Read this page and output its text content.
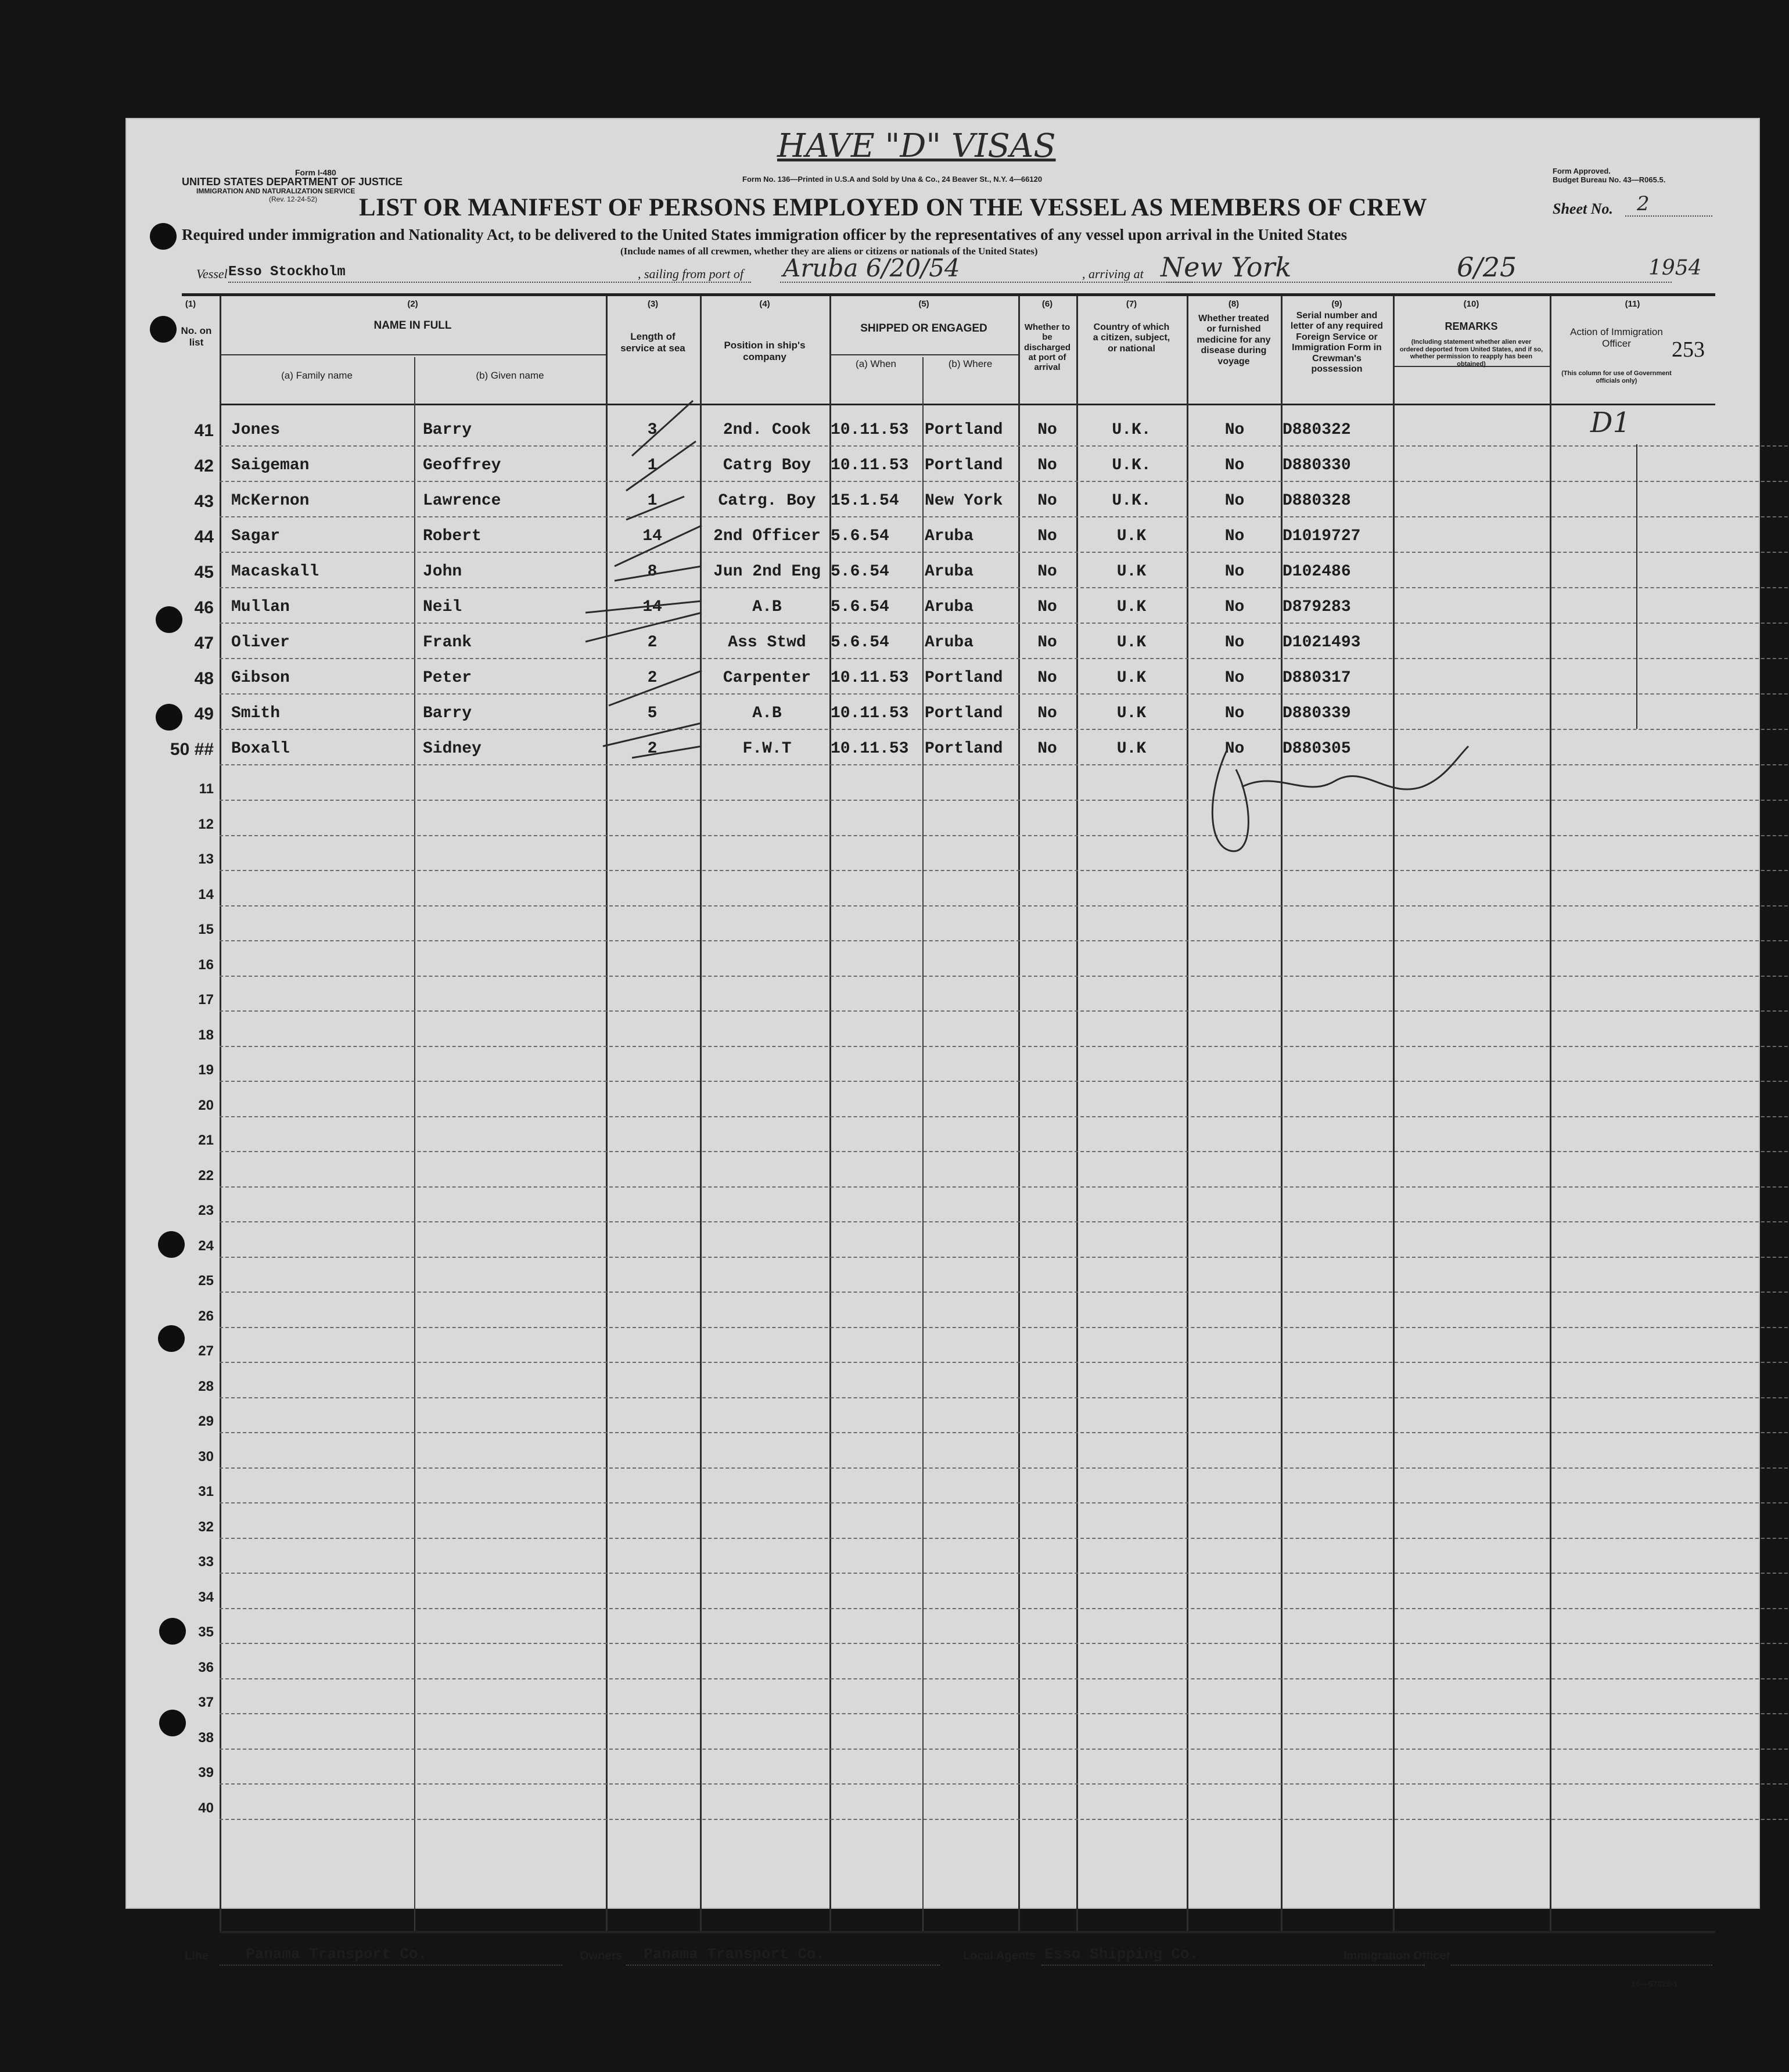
HAVE "D" VISAS
Form I-480
UNITED STATES DEPARTMENT OF JUSTICE
IMMIGRATION AND NATURALIZATION SERVICE
(Rev. 12-24-52)
Form No. 136—Printed in U.S.A and Sold by Una & Co., 24 Beaver St., N.Y. 4—66120
Form Approved.
Budget Bureau No. 43—R065.5.
LIST OR MANIFEST OF PERSONS EMPLOYED ON THE VESSEL AS MEMBERS OF CREW	Sheet No. 2
Required under immigration and Nationality Act, to be delivered to the United States immigration officer by the representatives of any vessel upon arrival in the United States
(Include names of all crewmen, whether they are aliens or citizens or nationals of the United States)
Vessel Esso Stockholm	, sailing from port of Aruba 6/20/54	, arriving at New York	6/25	1954
(1)
No. on list
(2)
NAME IN FULL
(a) Family name	(b) Given name
(3)
Length of service at sea
(4)
Position in ship's company
(5)
SHIPPED OR ENGAGED
(a) When	(b) Where
(6)
Whether to be discharged at port of arrival
(7)
Country of which a citizen, subject, or national
(8)
Whether treated or furnished medicine for any disease during voyage
(9)
Serial number and letter of any required Foreign Service or Immigration Form in Crewman's possession
(10)
REMARKS
(Including statement whether alien ever ordered deported from United States, and if so, whether permission to reapply has been obtained)
(11)
Action of Immigration Officer
(This column for use of Government officials only)
253
41 Jones	Barry	3	2nd. Cook	10.11.53 Portland	No	U.K.	No	D880322
42 Saigeman	Geoffrey	1	Catrg Boy	10.11.53 Portland	No	U.K.	No	D880330
43 McKernon	Lawrence	1	Catrg. Boy 15.1.54	New York	No	U.K.	No	D880328
44 Sagar	Robert	14	2nd Officer 5.6.54	Aruba	No	U.K	No	D1019727
45 Macaskall	John	8	Jun 2nd Eng 5.6.54	Aruba	No	U.K	No	D102486
46 Mullan	Neil	14	A.B	5.6.54	Aruba	No	U.K	No	D879283
47 Oliver	Frank	2	Ass Stwd	5.6.54	Aruba	No	U.K	No	D1021493
48 Gibson	Peter	2	Carpenter	10.11.53 Portland	No	U.K	No	D880317
49 Smith	Barry	5	A.B	10.11.53 Portland	No	U.K	No	D880339
50 ## Boxall	Sidney	2	F.W.T	10.11.53 Portland	No	U.K	No	D880305
11
12
13
14
15
16
17
18
19
20
21
22
23
24
25
26
27
28
29
30
31
32
33
34
35
36
37
38
39
40
D1
Line Panama Transport Co.	Owners Panama Transport Co.	Local Agents Esso Shipping Co.	Immigration Officer
16—67829-1
